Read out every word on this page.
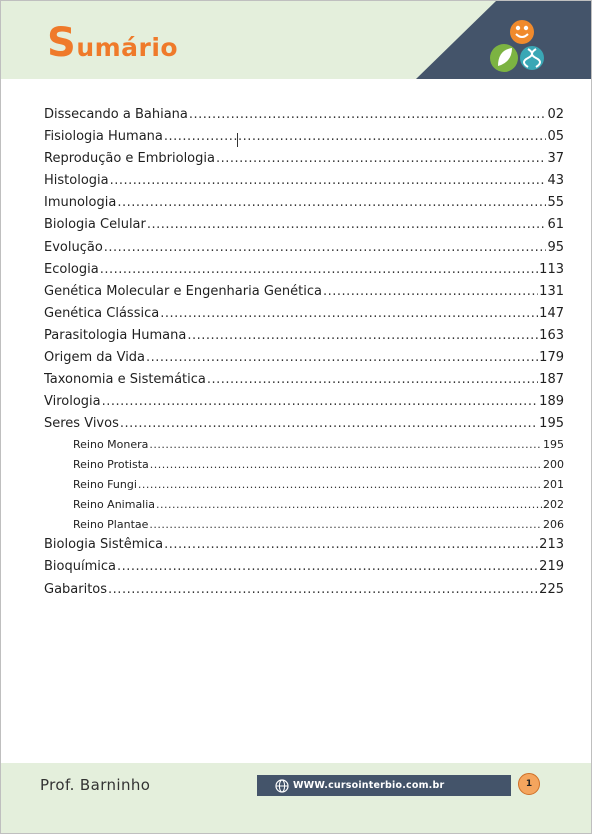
Sumário
Dissecando a Bahiana .....	02
Fisiologia Humana .....	05
Reprodução e Embriologia .....	37
Histologia .....	43
Imunologia .....	55
Biologia Celular .....	61
Evolução .....	95
Ecologia .....	113
Genética Molecular e Engenharia Genética .....	131
Genética Clássica .....	147
Parasitologia Humana .....	163
Origem da Vida .....	179
Taxonomia e Sistemática .....	187
Virologia .....	189
Seres Vivos .....	195
Reino Monera .....	195
Reino Protista .....	200
Reino Fungi .....	201
Reino Animalia .....	202
Reino Plantae .....	206
Biologia Sistêmica .....	213
Bioquímica .....	219
Gabaritos .....	225
Prof. Barninho	WWW.cursointerbio.com.br	1
